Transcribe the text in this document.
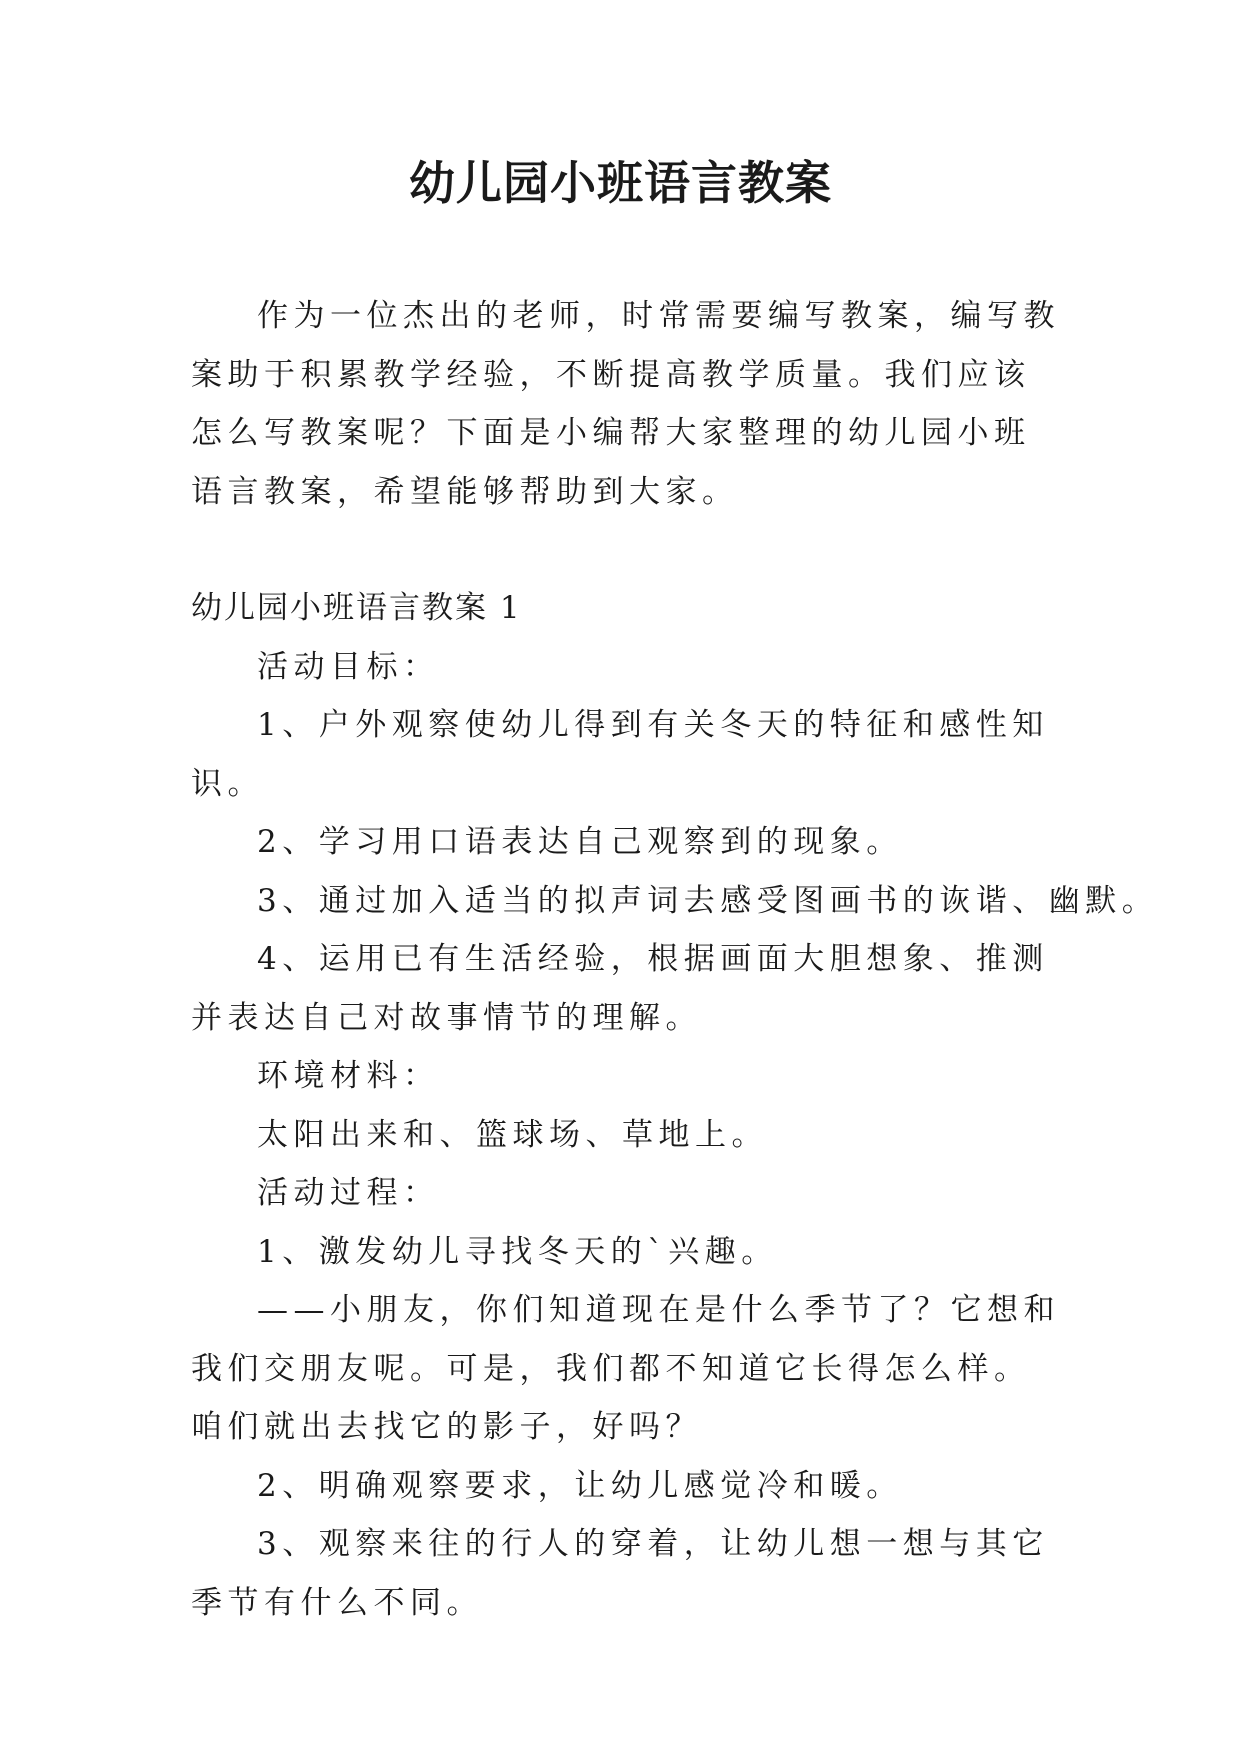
幼儿园小班语言教案

作为一位杰出的老师，时常需要编写教案，编写教案助于积累教学经验，不断提高教学质量。我们应该怎么写教案呢？下面是小编帮大家整理的幼儿园小班语言教案，希望能够帮助到大家。

幼儿园小班语言教案 1

活动目标：

1、户外观察使幼儿得到有关冬天的特征和感性知识。

2、学习用口语表达自己观察到的现象。

3、通过加入适当的拟声词去感受图画书的诙谐、幽默。

4、运用已有生活经验，根据画面大胆想象、推测并表达自己对故事情节的理解。

环境材料：

太阳出来和、篮球场、草地上。

活动过程：

1、激发幼儿寻找冬天的`兴趣。

——小朋友，你们知道现在是什么季节了？它想和我们交朋友呢。可是，我们都不知道它长得怎么样。咱们就出去找它的影子，好吗？

2、明确观察要求，让幼儿感觉冷和暖。

3、观察来往的行人的穿着，让幼儿想一想与其它季节有什么不同。
